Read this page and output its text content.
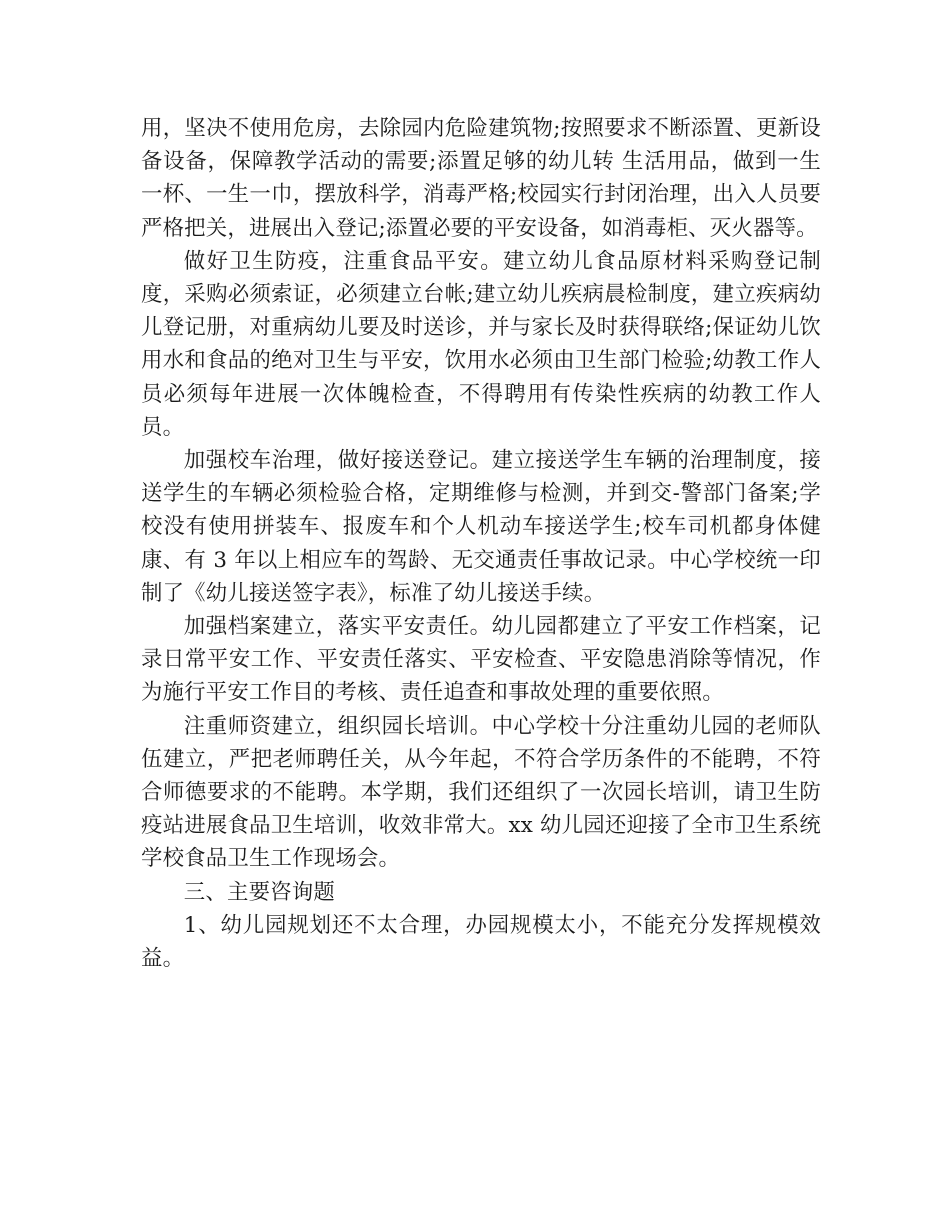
用，坚决不使用危房，去除园内危险建筑物;按照要求不断添置、更新设备设备，保障教学活动的需要;添置足够的幼儿转 生活用品，做到一生一杯、一生一巾，摆放科学，消毒严格;校园实行封闭治理，出入人员要严格把关，进展出入登记;添置必要的平安设备，如消毒柜、灭火器等。

做好卫生防疫，注重食品平安。建立幼儿食品原材料采购登记制度，采购必须索证，必须建立台帐;建立幼儿疾病晨检制度，建立疾病幼儿登记册，对重病幼儿要及时送诊，并与家长及时获得联络;保证幼儿饮用水和食品的绝对卫生与平安，饮用水必须由卫生部门检验;幼教工作人员必须每年进展一次体魄检查，不得聘用有传染性疾病的幼教工作人员。

加强校车治理，做好接送登记。建立接送学生车辆的治理制度，接送学生的车辆必须检验合格，定期维修与检测，并到交-警部门备案;学校没有使用拼装车、报废车和个人机动车接送学生;校车司机都身体健康、有 3 年以上相应车的驾龄、无交通责任事故记录。中心学校统一印制了《幼儿接送签字表》，标准了幼儿接送手续。

加强档案建立，落实平安责任。幼儿园都建立了平安工作档案，记录日常平安工作、平安责任落实、平安检查、平安隐患消除等情况，作为施行平安工作目的考核、责任追查和事故处理的重要依照。

注重师资建立，组织园长培训。中心学校十分注重幼儿园的老师队伍建立，严把老师聘任关，从今年起，不符合学历条件的不能聘，不符合师德要求的不能聘。本学期，我们还组织了一次园长培训，请卫生防疫站进展食品卫生培训，收效非常大。xx 幼儿园还迎接了全市卫生系统学校食品卫生工作现场会。

三、主要咨询题

1、幼儿园规划还不太合理，办园规模太小，不能充分发挥规模效益。
